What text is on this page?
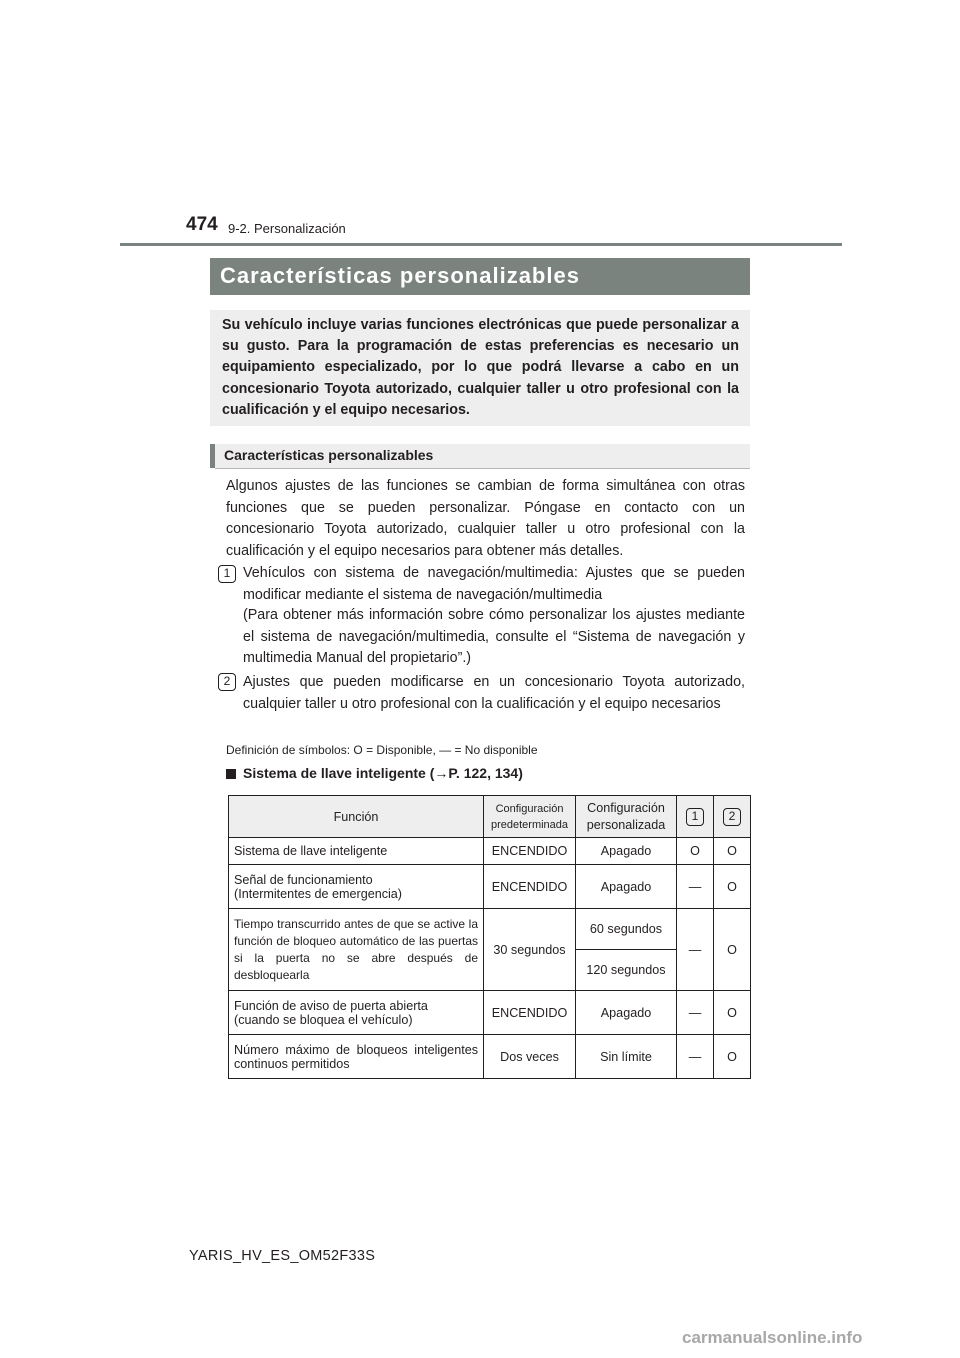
474 9-2. Personalización
Características personalizables
Su vehículo incluye varias funciones electrónicas que puede personalizar a su gusto. Para la programación de estas preferencias es necesario un equipamiento especializado, por lo que podrá llevarse a cabo en un concesionario Toyota autorizado, cualquier taller u otro profesional con la cualificación y el equipo necesarios.
Características personalizables
Algunos ajustes de las funciones se cambian de forma simultánea con otras funciones que se pueden personalizar. Póngase en contacto con un concesionario Toyota autorizado, cualquier taller u otro profesional con la cualificación y el equipo necesarios para obtener más detalles.
1 Vehículos con sistema de navegación/multimedia: Ajustes que se pueden modificar mediante el sistema de navegación/multimedia
(Para obtener más información sobre cómo personalizar los ajustes mediante el sistema de navegación/multimedia, consulte el “Sistema de navegación y multimedia Manual del propietario”.)
2 Ajustes que pueden modificarse en un concesionario Toyota autorizado, cualquier taller u otro profesional con la cualificación y el equipo necesarios
Definición de símbolos: O = Disponible, — = No disponible
Sistema de llave inteligente (→P. 122, 134)
Función	Configuración predeterminada	Configuración personalizada	1	2
Sistema de llave inteligente	ENCENDIDO	Apagado	O	O

Señal de funcionamiento
(Intermitentes de emergencia)	ENCENDIDO	Apagado	—	O
Tiempo transcurrido antes de que se active la función de bloqueo automático de las puertas si la puerta no se abre después de desbloquearla	30 segundos	60 segundos	—	O
		120 segundos		

Función de aviso de puerta abierta
(cuando se bloquea el vehículo)	ENCENDIDO	Apagado	—	O
Número máximo de bloqueos inteligentes continuos permitidos	Dos veces	Sin límite	—	O
YARIS_HV_ES_OM52F33S
carmanualsonline.info
